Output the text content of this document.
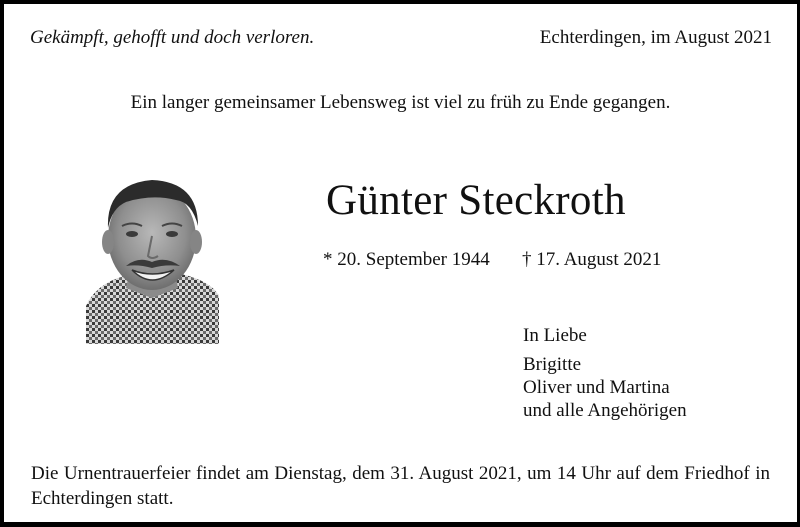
Gekämpft, gehofft und doch verloren.	Echterdingen, im August 2021
Ein langer gemeinsamer Lebensweg ist viel zu früh zu Ende gegangen.
Günter Steckroth
* 20. September 1944 † 17. August 2021
In Liebe
Brigitte
Oliver und Martina
und alle Angehörigen
Die Urnentrauerfeier findet am Dienstag, dem 31. August 2021, um 14 Uhr auf dem Friedhof in Echterdingen statt.
